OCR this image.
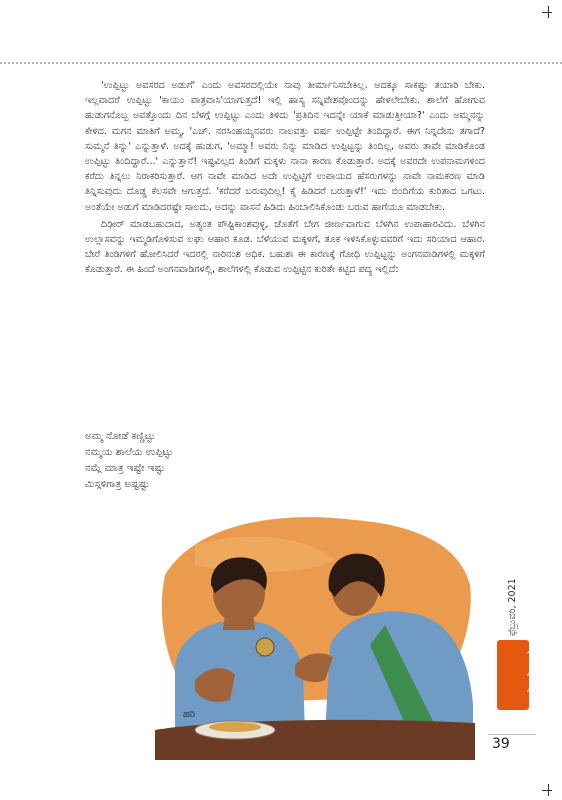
'ಉಪ್ಪಿಟ್ಟು ಅವಸರದ ಅಡುಗೆ' ಎಂದು ಅವಸರದಲ್ಲಿಯೇ ನಾವು ತೀರ್ಮಾನಿಸಬೇಕಿಲ್ಲ. ಅದಕ್ಕೂ ಸಾಕಷ್ಟು ತಯಾರಿ ಬೇಕು. ಇಲ್ಲವಾದರೆ ಉಪ್ಪಿಟ್ಟು 'ಕಾಯಂ ಪಾತ್ರವಾಸಿ'ಯಾಗುತ್ತದೆ! ಇಲ್ಲಿ ಹಾಸ್ಯ ಸನ್ನಿವೇಶವೊಂದನ್ನು ಹೇಳಲೇಬೇಕು. ಶಾಲೆಗೆ ಹೋಗುವ ಹುಡುಗನೊಬ್ಬ ಅವತ್ತೊಂದು ದಿನ ಬೆಳಗ್ಗೆ ಉಪ್ಪಿಟ್ಟು ಎಂದು ತಿಳಿದು 'ಪ್ರತಿದಿನ ಇದನ್ನೇ ಯಾಕೆ ಮಾಡುತ್ತೀಯಾ?' ಎಂದು ಅಮ್ಮನನ್ನು ಕೇಳಿದ. ಮಗನ ಮಾತಿಗೆ ಅಮ್ಮ, 'ಎಚ್. ನರಸಿಂಹಯ್ಯನವರು ನಾಲವತ್ತು ವರ್ಷ ಉಪ್ಪಿಟ್ಟೇ ತಿಂದಿದ್ದಾರೆ. ಈಗ ನಿನ್ನದೇನು ತಗಾದೆ? ಸುಮ್ಮನೆ ತಿನ್ನು' ಎನ್ನುತ್ತಾಳೆ. ಅದಕ್ಕೆ ಹುಡುಗ, 'ಅಮ್ಮಾ! ಅವರು ನಿನ್ನು ಮಾಡಿದ ಉಪ್ಪಿಟ್ಟನ್ನು ತಿಂದಿಲ್ಲ, ಅವರು ತಾವೇ ಮಾಡಿಕೊಂಡ ಉಪ್ಪಿಟ್ಟು ತಿಂದಿದ್ದಾರೆ...' ಎನ್ನುತ್ತಾನೆ! ಇಷ್ಟವಿಲ್ಲದ ತಿಂಡಿಗೆ ಮಕ್ಕಳು ನಾನಾ ಕಾರಣ ಕೊಡುತ್ತಾರೆ. ಅದಕ್ಕೆ ಅವರದೇ ಉಪನಾಮಗಳಿಂದ ಕರೆದು ತಿನ್ನಲು ನಿರಾಕರಿಸುತ್ತಾರೆ. ಆಗ ನಾವೇ ಮಾಡಿದ ಅದೇ ಉಪ್ಪಿಟ್ಟಿಗೆ ಉಪಾಯದ ಹೆಸರುಗಳನ್ನು ನಾವೇ ನಾಮಕರಣ ಮಾಡಿ ತಿನ್ನಿಸುವುದು ದೊಡ್ಡ ಕೆಲಸವೇ ಆಗುತ್ತದೆ. 'ಕರೆದರೆ ಬರುವುದಿಲ್ಲ! ಕೈ ಹಿಡಿದರೆ ಬರುತ್ತಾಳೆ!' ಇದು ಬಿಂದಿಗೆಯ ಕುರಿತಾದ ಒಗಟು. ಅಂತೆಯೇ ಅಡುಗೆ ಮಾಡಿದರಷ್ಟೇ ಸಾಲದು, ಅದನ್ನು ವಾಸನೆ ಹಿಡಿದು ಹಿಂಬಾಲಿಸಿಕೊಂಡು ಬರುವ ಹಾಗೆಯೂ ಮಾಡಬೇಕು.

ದಿಢೀರ್ ಮಾಡಬಹುದಾದ, ಅತ್ಯಂತ ಪೌಷ್ಟಿಕಾಂಶವುಳ್ಳ, ಜೊತೆಗೆ ಬೇಗ ಜೀರ್ಣವಾಗುವ ಬೆಳಗಿನ ಉಪಾಹಾರವಿದು. ಬೆಳಗಿನ ಉಲ್ಲಾಸವನ್ನು ಇಮ್ಮಡಿಗೊಳಿಸುವ ಲಘು ಆಹಾರ ಕೂಡ. ಬೆಳೆಯುವ ಮಕ್ಕಳಿಗೆ, ತೂಕ ಇಳಿಸಿಕೊಳ್ಳುವವರಿಗೆ ಇದು ಸರಿಯಾದ ಆಹಾರ. ಬೇರೆ ತಿಂಡಿಗಳಿಗೆ ಹೋಲಿಸಿದರೆ ಇದರಲ್ಲಿ ನಾರಿನಂಶ ಅಧಿಕ. ಬಹುಶಃ ಈ ಕಾರಣಕ್ಕೆ ಗೋಧಿ ಉಪ್ಪಿಟ್ಟನ್ನು ಅಂಗನವಾಡಿಗಳಲ್ಲಿ ಮಕ್ಕಳಿಗೆ ಕೊಡುತ್ತಾರೆ. ಈ ಹಿಂದೆ ಅಂಗನವಾಡಿಗಳಲ್ಲಿ, ಶಾಲೆಗಳಲ್ಲಿ ಕೊಡುವ ಉಪ್ಪಿಟ್ಟಿನ ಕುರಿತೇ ಕಟ್ಟಿದ ಪದ್ಯ ಇಲ್ಲಿದೆ:

ಅಮ್ಮ ನೋಡೆ ಕಣ್ಣಿಟ್ಟು
ನಮ್ಮಯ ಶಾಲೆಯ ಉಪ್ಪಿಟ್ಟು
ನಮ್ಗೆ ಮಾತ್ರ ಇಷ್ಟೇ ಇಷ್ಟು
ಮಿಸ್ಗಳಿಗಾತ್ರ ಅಷ್ಟಷ್ಟು
ಹರಿ
ಮಯೂರ
ಫೆಬ್ರುವರಿ, 2021
39
